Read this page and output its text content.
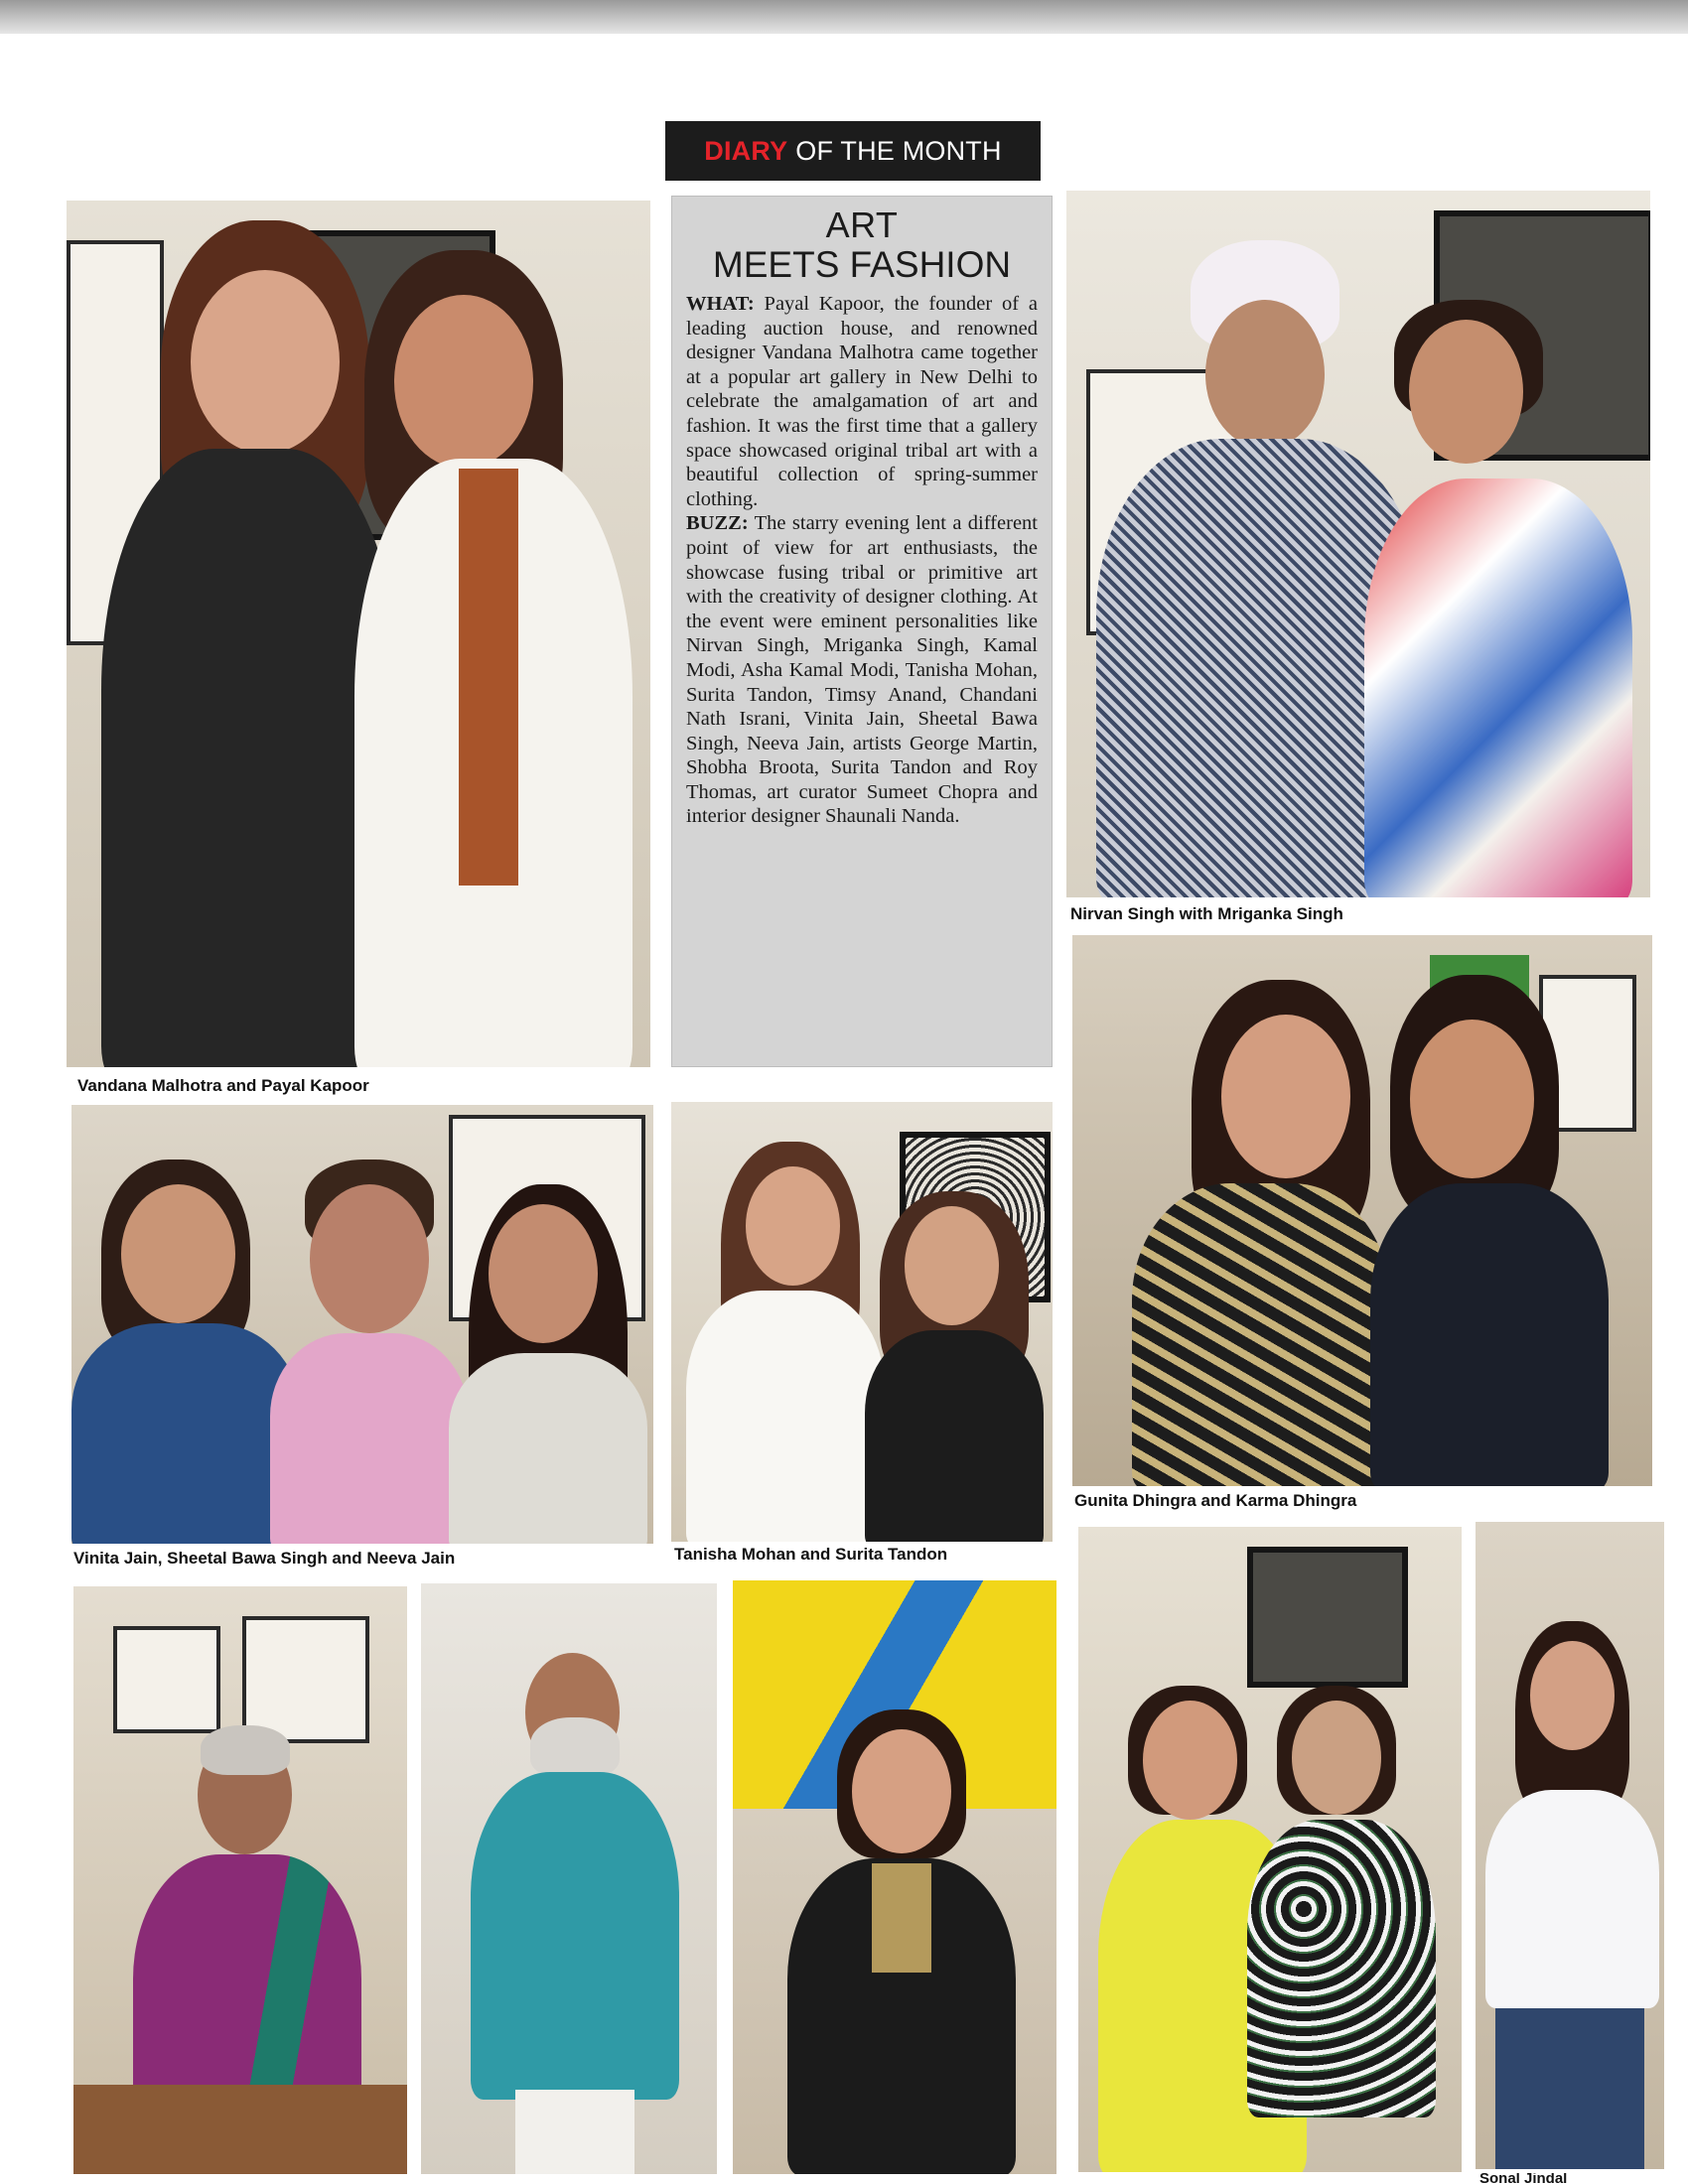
DIARY OF THE MONTH
Vandana Malhotra and Payal Kapoor
ART
MEETS FASHION

WHAT: Payal Kapoor, the founder of a leading auction house, and renowned designer Vandana Malhotra came together at a popular art gallery in New Delhi to celebrate the amalgamation of art and fashion. It was the first time that a gallery space showcased original tribal art with a beautiful collection of spring-summer clothing.

BUZZ: The starry evening lent a different point of view for art enthusiasts, the showcase fusing tribal or primitive art with the creativity of designer clothing. At the event were eminent personalities like Nirvan Singh, Mriganka Singh, Kamal Modi, Asha Kamal Modi, Tanisha Mohan, Surita Tandon, Timsy Anand, Chandani Nath Israni, Vinita Jain, Sheetal Bawa Singh, Neeva Jain, artists George Martin, Shobha Broota, Surita Tandon and Roy Thomas, art curator Sumeet Chopra and interior designer Shaunali Nanda.

Nirvan Singh with Mriganka Singh
Gunita Dhingra and Karma Dhingra
Vinita Jain, Sheetal Bawa Singh and Neeva Jain	Tanisha Mohan and Surita Tandon
Sonal Jindal
